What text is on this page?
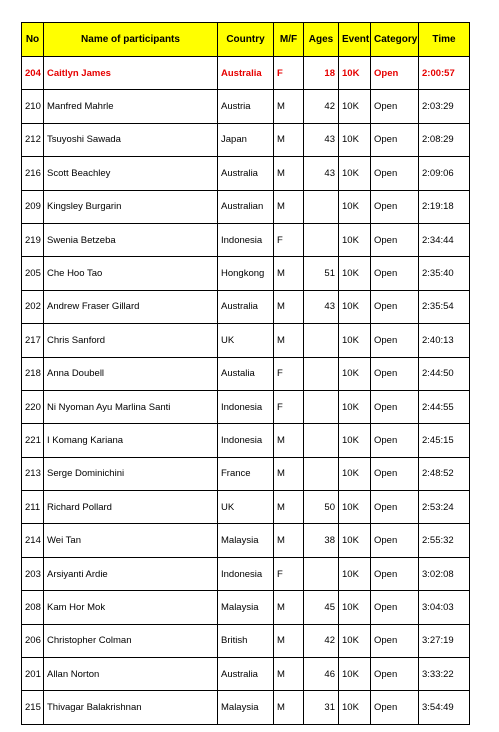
No	Name of participants	Country	M/F	Ages	Event	Category	Time
204	Caitlyn James	Australia	F	18	10K	Open	2:00:57
210	Manfred Mahrle	Austria	M	42	10K	Open	2:03:29
212	Tsuyoshi Sawada	Japan	M	43	10K	Open	2:08:29
216	Scott Beachley	Australia	M	43	10K	Open	2:09:06
209	Kingsley Burgarin	Australian	M		10K	Open	2:19:18
219	Swenia Betzeba	Indonesia	F		10K	Open	2:34:44
205	Che Hoo Tao	Hongkong	M	51	10K	Open	2:35:40
202	Andrew Fraser Gillard	Australia	M	43	10K	Open	2:35:54
217	Chris Sanford	UK	M		10K	Open	2:40:13
218	Anna Doubell	Austalia	F		10K	Open	2:44:50
220	Ni Nyoman Ayu Marlina Santi	Indonesia	F		10K	Open	2:44:55
221	I Komang Kariana	Indonesia	M		10K	Open	2:45:15
213	Serge Dominichini	France	M		10K	Open	2:48:52
211	Richard Pollard	UK	M	50	10K	Open	2:53:24
214	Wei Tan	Malaysia	M	38	10K	Open	2:55:32
203	Arsiyanti Ardie	Indonesia	F		10K	Open	3:02:08
208	Kam Hor Mok	Malaysia	M	45	10K	Open	3:04:03
206	Christopher Colman	British	M	42	10K	Open	3:27:19
201	Allan Norton	Australia	M	46	10K	Open	3:33:22
215	Thivagar Balakrishnan	Malaysia	M	31	10K	Open	3:54:49
